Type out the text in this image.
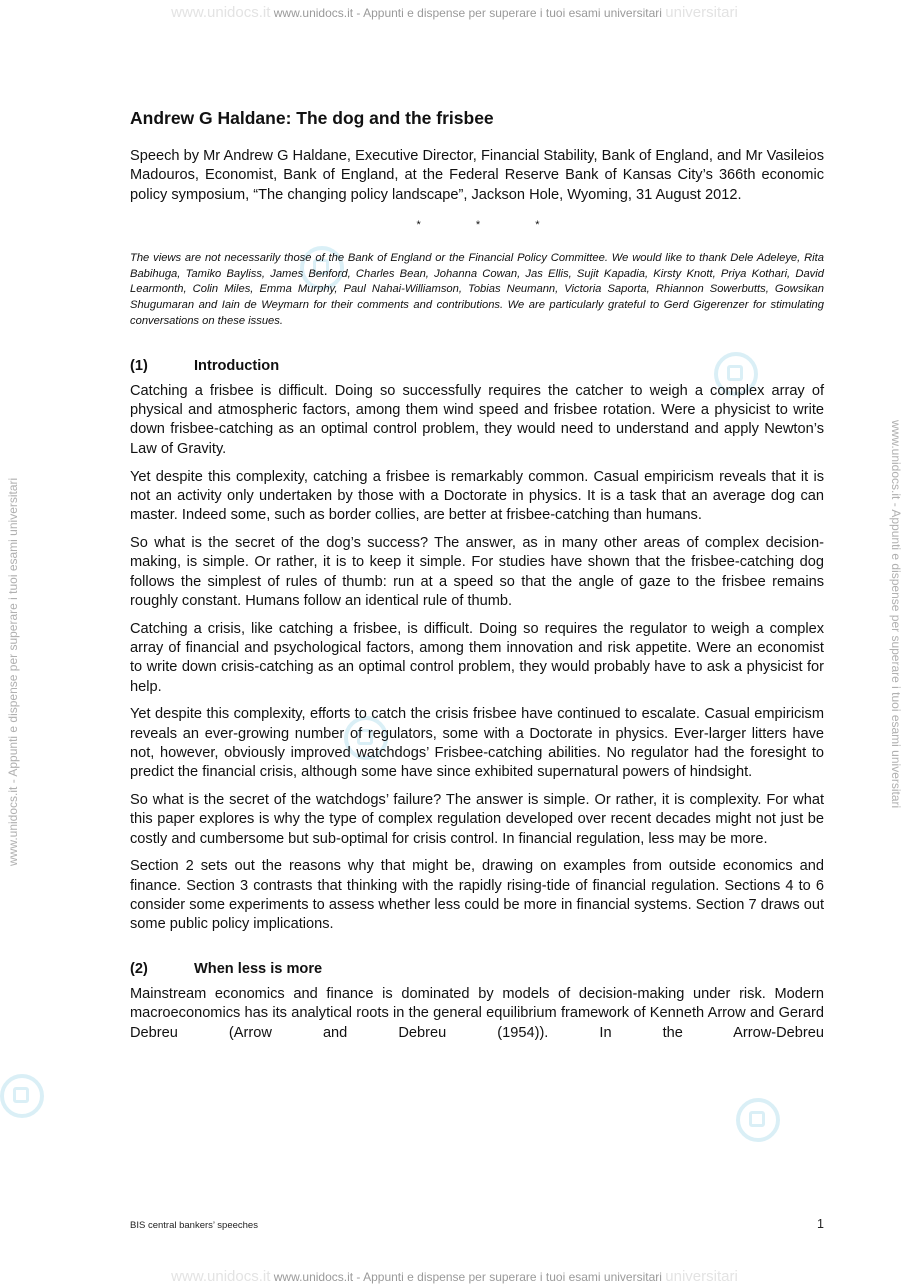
www.unidocs.it www.unidocs.it - Appunti e dispense per superare i tuoi esami universitari universitari
www.unidocs.it - Appunti e dispense per superare i tuoi esami universitari	www.unidocs.it - Appunti e dispense per superare i tuoi esami universitari
Andrew G Haldane: The dog and the frisbee

Speech by Mr Andrew G Haldane, Executive Director, Financial Stability, Bank of England, and Mr Vasileios Madouros, Economist, Bank of England, at the Federal Reserve Bank of Kansas City’s 366th economic policy symposium, “The changing policy landscape”, Jackson Hole, Wyoming, 31 August 2012.

* * *

The views are not necessarily those of the Bank of England or the Financial Policy Committee. We would like to thank Dele Adeleye, Rita Babihuga, Tamiko Bayliss, James Benford, Charles Bean, Johanna Cowan, Jas Ellis, Sujit Kapadia, Kirsty Knott, Priya Kothari, David Learmonth, Colin Miles, Emma Murphy, Paul Nahai-Williamson, Tobias Neumann, Victoria Saporta, Rhiannon Sowerbutts, Gowsikan Shugumaran and Iain de Weymarn for their comments and contributions. We are particularly grateful to Gerd Gigerenzer for stimulating conversations on these issues.

(1)	Introduction

Catching a frisbee is difficult. Doing so successfully requires the catcher to weigh a complex array of physical and atmospheric factors, among them wind speed and frisbee rotation. Were a physicist to write down frisbee-catching as an optimal control problem, they would need to understand and apply Newton’s Law of Gravity.

Yet despite this complexity, catching a frisbee is remarkably common. Casual empiricism reveals that it is not an activity only undertaken by those with a Doctorate in physics. It is a task that an average dog can master. Indeed some, such as border collies, are better at frisbee-catching than humans.

So what is the secret of the dog’s success? The answer, as in many other areas of complex decision-making, is simple. Or rather, it is to keep it simple. For studies have shown that the frisbee-catching dog follows the simplest of rules of thumb: run at a speed so that the angle of gaze to the frisbee remains roughly constant. Humans follow an identical rule of thumb.

Catching a crisis, like catching a frisbee, is difficult. Doing so requires the regulator to weigh a complex array of financial and psychological factors, among them innovation and risk appetite. Were an economist to write down crisis-catching as an optimal control problem, they would probably have to ask a physicist for help.

Yet despite this complexity, efforts to catch the crisis frisbee have continued to escalate. Casual empiricism reveals an ever-growing number of regulators, some with a Doctorate in physics. Ever-larger litters have not, however, obviously improved watchdogs’ Frisbee-catching abilities. No regulator had the foresight to predict the financial crisis, although some have since exhibited supernatural powers of hindsight.

So what is the secret of the watchdogs’ failure? The answer is simple. Or rather, it is complexity. For what this paper explores is why the type of complex regulation developed over recent decades might not just be costly and cumbersome but sub-optimal for crisis control. In financial regulation, less may be more.

Section 2 sets out the reasons why that might be, drawing on examples from outside economics and finance. Section 3 contrasts that thinking with the rapidly rising-tide of financial regulation. Sections 4 to 6 consider some experiments to assess whether less could be more in financial systems. Section 7 draws out some public policy implications.

(2)	When less is more

Mainstream economics and finance is dominated by models of decision-making under risk. Modern macroeconomics has its analytical roots in the general equilibrium framework of Kenneth Arrow and Gerard Debreu (Arrow and Debreu (1954)). In the Arrow-Debreu

BIS central bankers’ speeches	1
www.unidocs.it www.unidocs.it - Appunti e dispense per superare i tuoi esami universitari universitari
